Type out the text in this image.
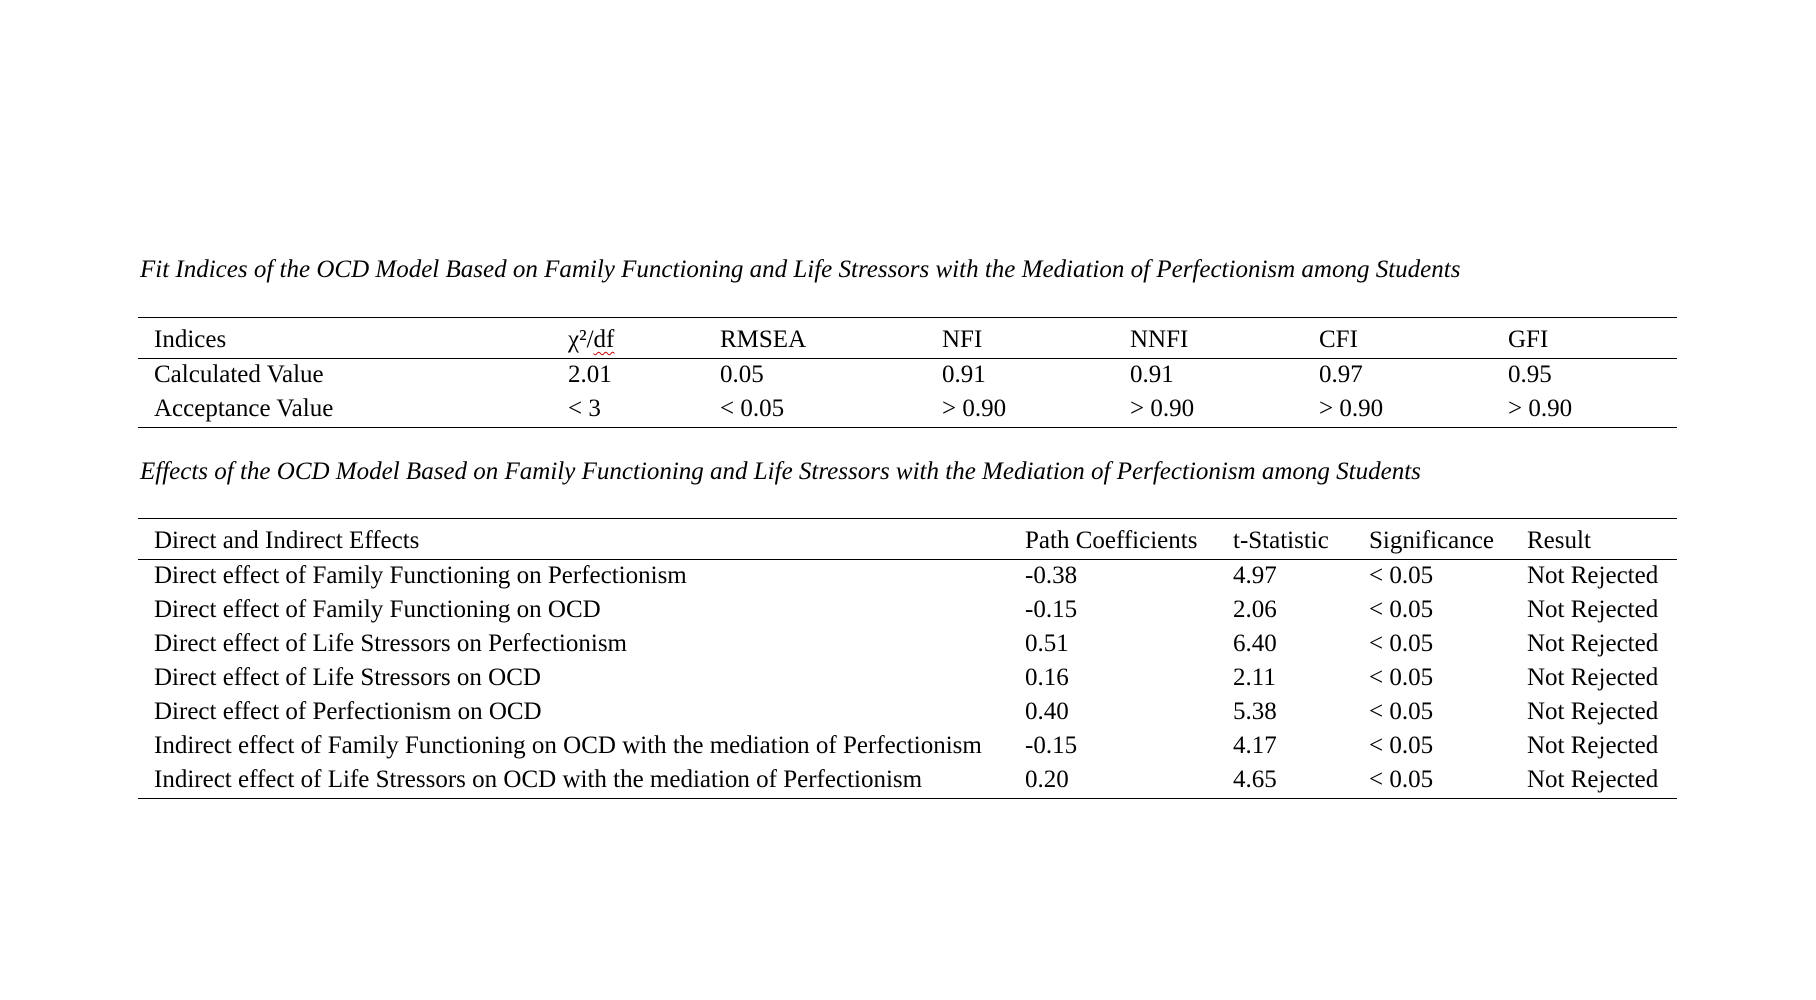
Fit Indices of the OCD Model Based on Family Functioning and Life Stressors with the Mediation of Perfectionism among Students
Indices	χ²/df	RMSEA	NFI	NNFI	CFI	GFI
Calculated Value	2.01	0.05	0.91	0.91	0.97	0.95
Acceptance Value	< 3	< 0.05	> 0.90	> 0.90	> 0.90	> 0.90
Effects of the OCD Model Based on Family Functioning and Life Stressors with the Mediation of Perfectionism among Students
Direct and Indirect Effects	Path Coefficients	t-Statistic	Significance	Result
Direct effect of Family Functioning on Perfectionism	-0.38	4.97	< 0.05	Not Rejected
Direct effect of Family Functioning on OCD	-0.15	2.06	< 0.05	Not Rejected
Direct effect of Life Stressors on Perfectionism	0.51	6.40	< 0.05	Not Rejected
Direct effect of Life Stressors on OCD	0.16	2.11	< 0.05	Not Rejected
Direct effect of Perfectionism on OCD	0.40	5.38	< 0.05	Not Rejected
Indirect effect of Family Functioning on OCD with the mediation of Perfectionism	-0.15	4.17	< 0.05	Not Rejected
Indirect effect of Life Stressors on OCD with the mediation of Perfectionism	0.20	4.65	< 0.05	Not Rejected
